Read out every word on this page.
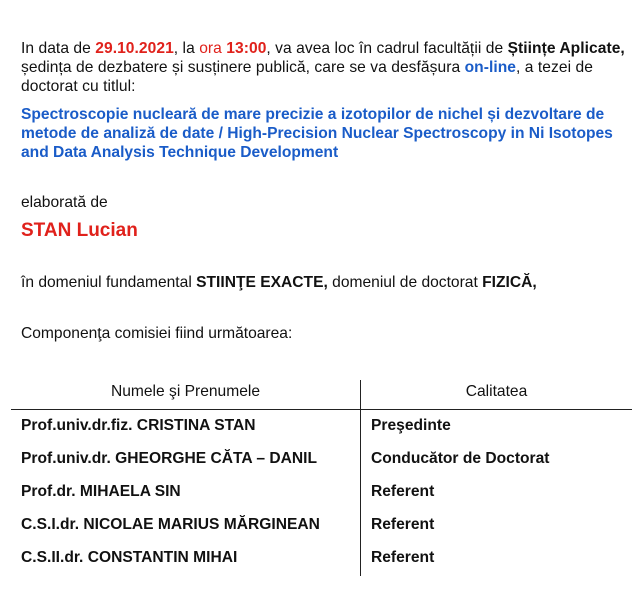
In data de 29.10.2021, la ora 13:00, va avea loc în cadrul facultății de Științe Aplicate, ședința de dezbatere și susținere publică, care se va desfășura on-line, a tezei de doctorat cu titlul:
Spectroscopie nucleară de mare precizie a izotopilor de nichel și dezvoltare de metode de analiză de date / High-Precision Nuclear Spectroscopy in Ni Isotopes and Data Analysis Technique Development
elaborată de
STAN Lucian
în domeniul fundamental STIINŢE EXACTE, domeniul de doctorat FIZICĂ,
Componenţa comisiei fiind următoarea:
Numele şi Prenumele	Calitatea
Prof.univ.dr.fiz. CRISTINA STAN	Preşedinte
Prof.univ.dr. GHEORGHE CĂTA – DANIL	Conducător de Doctorat
Prof.dr. MIHAELA SIN	Referent
C.S.I.dr. NICOLAE MARIUS MĂRGINEAN	Referent
C.S.II.dr. CONSTANTIN MIHAI	Referent
